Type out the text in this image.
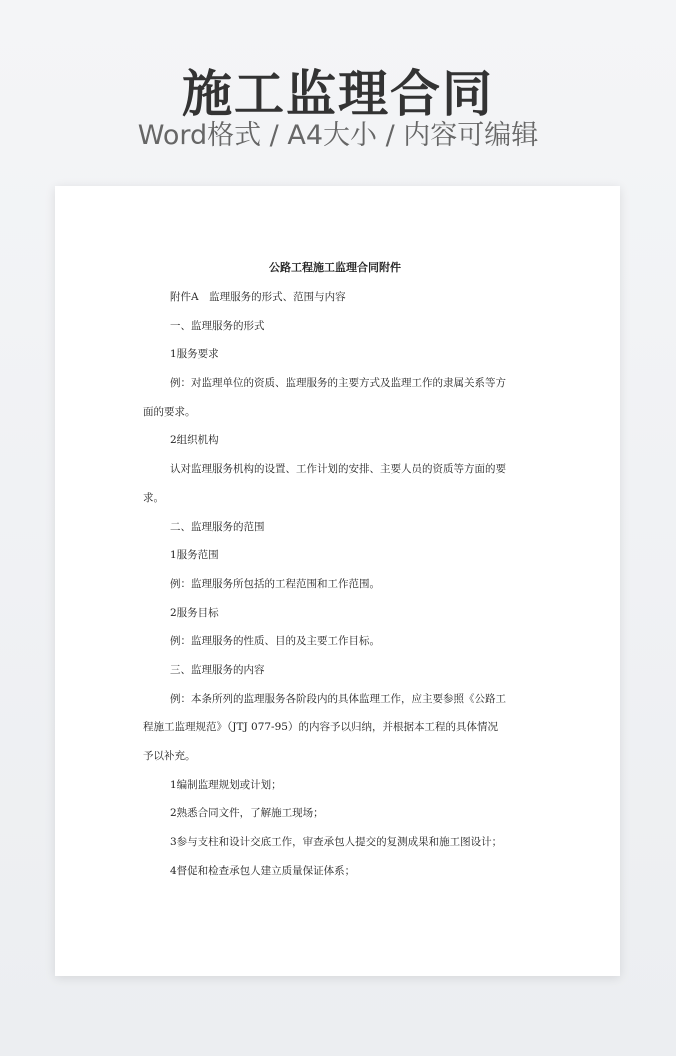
施工监理合同
Word格式 / A4大小 / 内容可编辑
公路工程施工监理合同附件
附件A　监理服务的形式、范围与内容
一、监理服务的形式
1服务要求
例：对监理单位的资质、监理服务的主要方式及监理工作的隶属关系等方
面的要求。
2组织机构
认对监理服务机构的设置、工作计划的安排、主要人员的资质等方面的要
求。
二、监理服务的范围
1服务范围
例：监理服务所包括的工程范围和工作范围。
2服务目标
例：监理服务的性质、目的及主要工作目标。
三、监理服务的内容
例：本条所列的监理服务各阶段内的具体监理工作，应主要参照《公路工
程施工监理规范》（JTJ 077-95）的内容予以归纳，并根据本工程的具体情况
予以补充。
1编制监理规划或计划；
2熟悉合同文件，了解施工现场；
3参与支柱和设计交底工作，审查承包人提交的复测成果和施工图设计；
4督促和检查承包人建立质量保证体系；
